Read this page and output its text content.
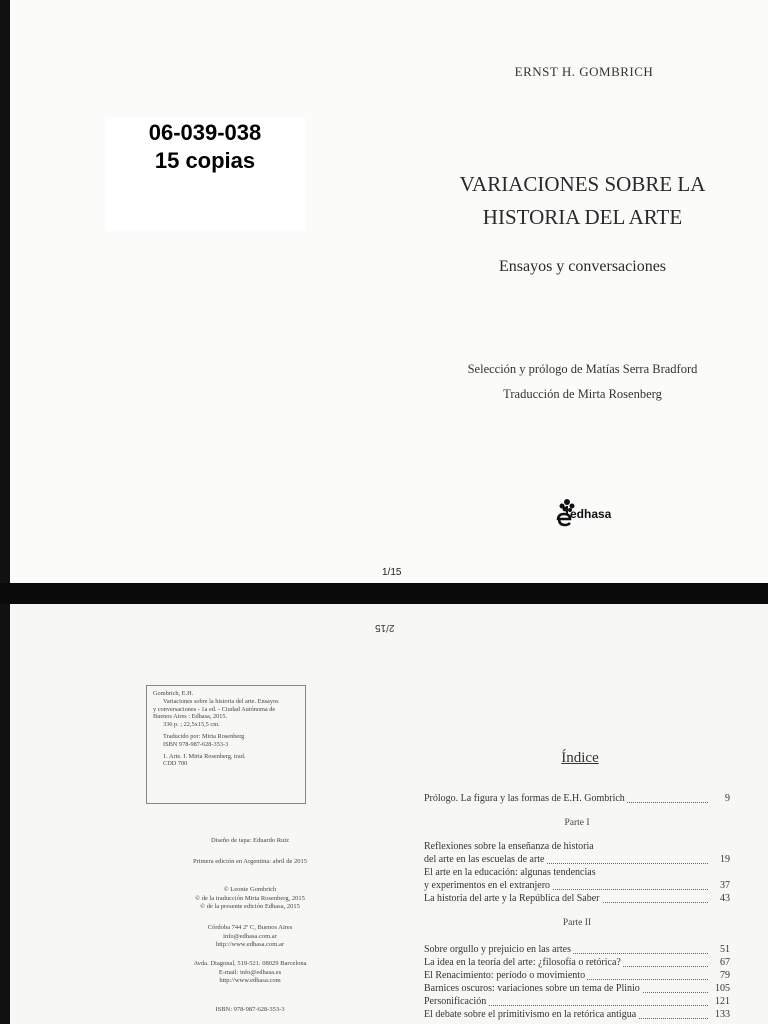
06-039-038
15 copias
ERNST H. GOMBRICH
VARIACIONES SOBRE LA
HISTORIA DEL ARTE
Ensayos y conversaciones
Selección y prólogo de Matías Serra Bradford
Traducción de Mirta Rosenberg
edhasa
1/15
2/15
Gombrich, E.H.
Variaciones sobre la historia del arte. Ensayos
y conversaciones - 1a ed. - Ciudad Autónoma de
Buenos Aires : Edhasa, 2015.
336 p. ; 22,5x15,5 cm.
Traducido por: Mirta Rosenberg
ISBN 978-987-628-353-3
1. Arte. I. Mirta Rosenberg, trad.
CDD 700
Diseño de tapa: Eduardo Ruiz
Primera edición en Argentina: abril de 2015
© Leonie Gombrich
© de la traducción Mirta Rosenberg, 2015
© de la presente edición Edhasa, 2015
Córdoba 744 2º C, Buenos Aires
info@edhasa.com.ar
http://www.edhasa.com.ar
Avda. Diagonal, 519-521. 08029 Barcelona
E-mail: info@edhasa.es
http://www.edhasa.com
ISBN: 978-987-628-353-3
Índice
Prólogo. La figura y las formas de E.H. Gombrich	9
Parte I
Reflexiones sobre la enseñanza de historia
del arte en las escuelas de arte	19
El arte en la educación: algunas tendencias
y experimentos en el extranjero	37
La historia del arte y la República del Saber	43
Parte II
Sobre orgullo y prejuicio en las artes	51
La idea en la teoría del arte: ¿filosofía o retórica?	67
El Renacimiento: período o movimiento	79
Barnices oscuros: variaciones sobre un tema de Plinio	105
Personificación	121
El debate sobre el primitivismo en la retórica antigua	133
